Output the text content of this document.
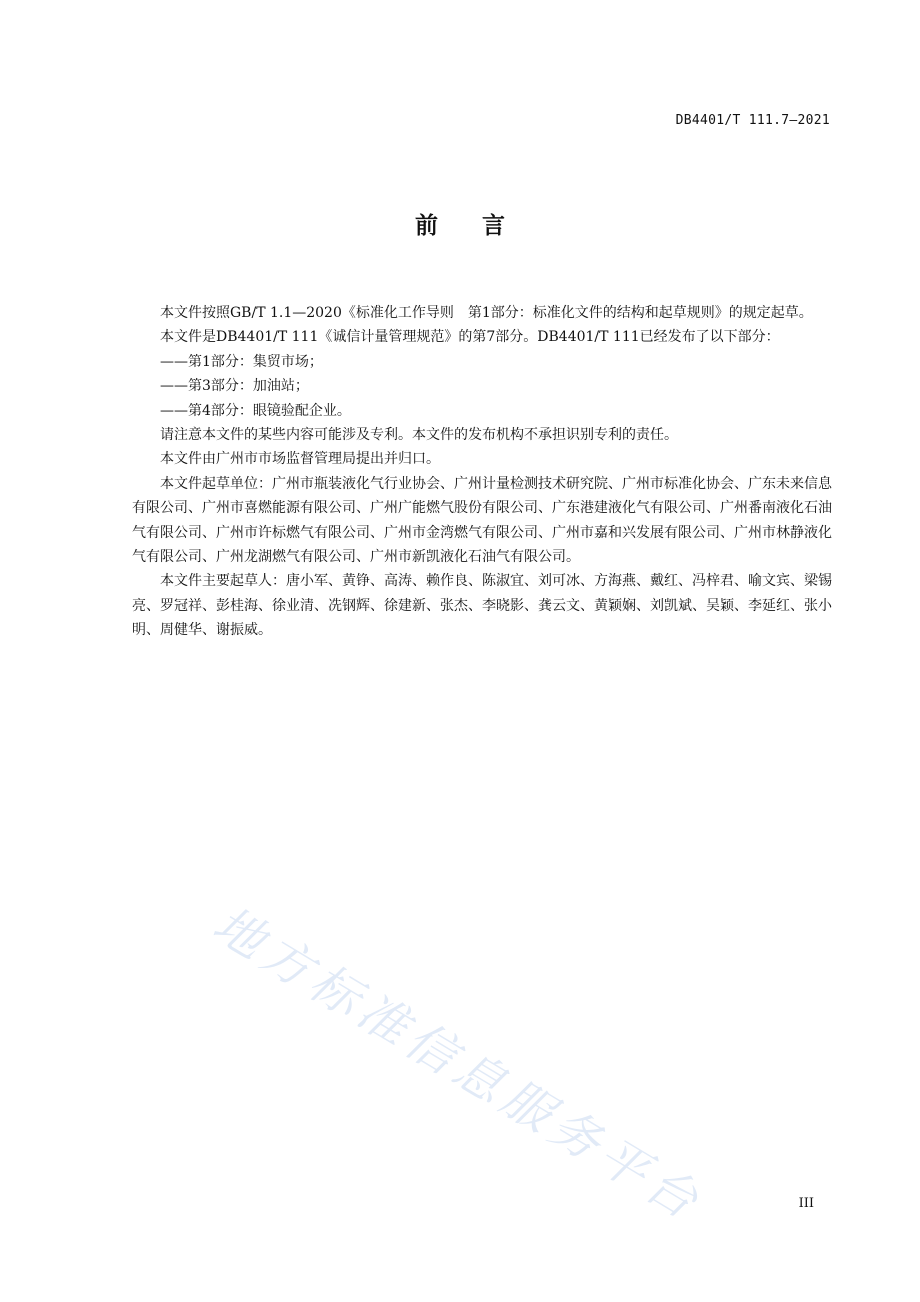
DB4401/T 111.7—2021
前言

本文件按照GB/T 1.1—2020《标准化工作导则　第1部分：标准化文件的结构和起草规则》的规定起草。

本文件是DB4401/T 111《诚信计量管理规范》的第7部分。DB4401/T 111已经发布了以下部分：

——第1部分：集贸市场；

——第3部分：加油站；

——第4部分：眼镜验配企业。

请注意本文件的某些内容可能涉及专利。本文件的发布机构不承担识别专利的责任。

本文件由广州市市场监督管理局提出并归口。

本文件起草单位：广州市瓶装液化气行业协会、广州计量检测技术研究院、广州市标准化协会、广东未来信息有限公司、广州市喜燃能源有限公司、广州广能燃气股份有限公司、广东港建液化气有限公司、广州番南液化石油气有限公司、广州市许标燃气有限公司、广州市金湾燃气有限公司、广州市嘉和兴发展有限公司、广州市林静液化气有限公司、广州龙湖燃气有限公司、广州市新凯液化石油气有限公司。

本文件主要起草人：唐小军、黄铮、高涛、赖作良、陈淑宜、刘可冰、方海燕、戴红、冯梓君、喻文宾、梁锡亮、罗冠祥、彭桂海、徐业清、冼钢辉、徐建新、张杰、李晓影、龚云文、黄颖娴、刘凯斌、吴颖、李延红、张小明、周健华、谢振威。

地方标准信息服务平台	III
